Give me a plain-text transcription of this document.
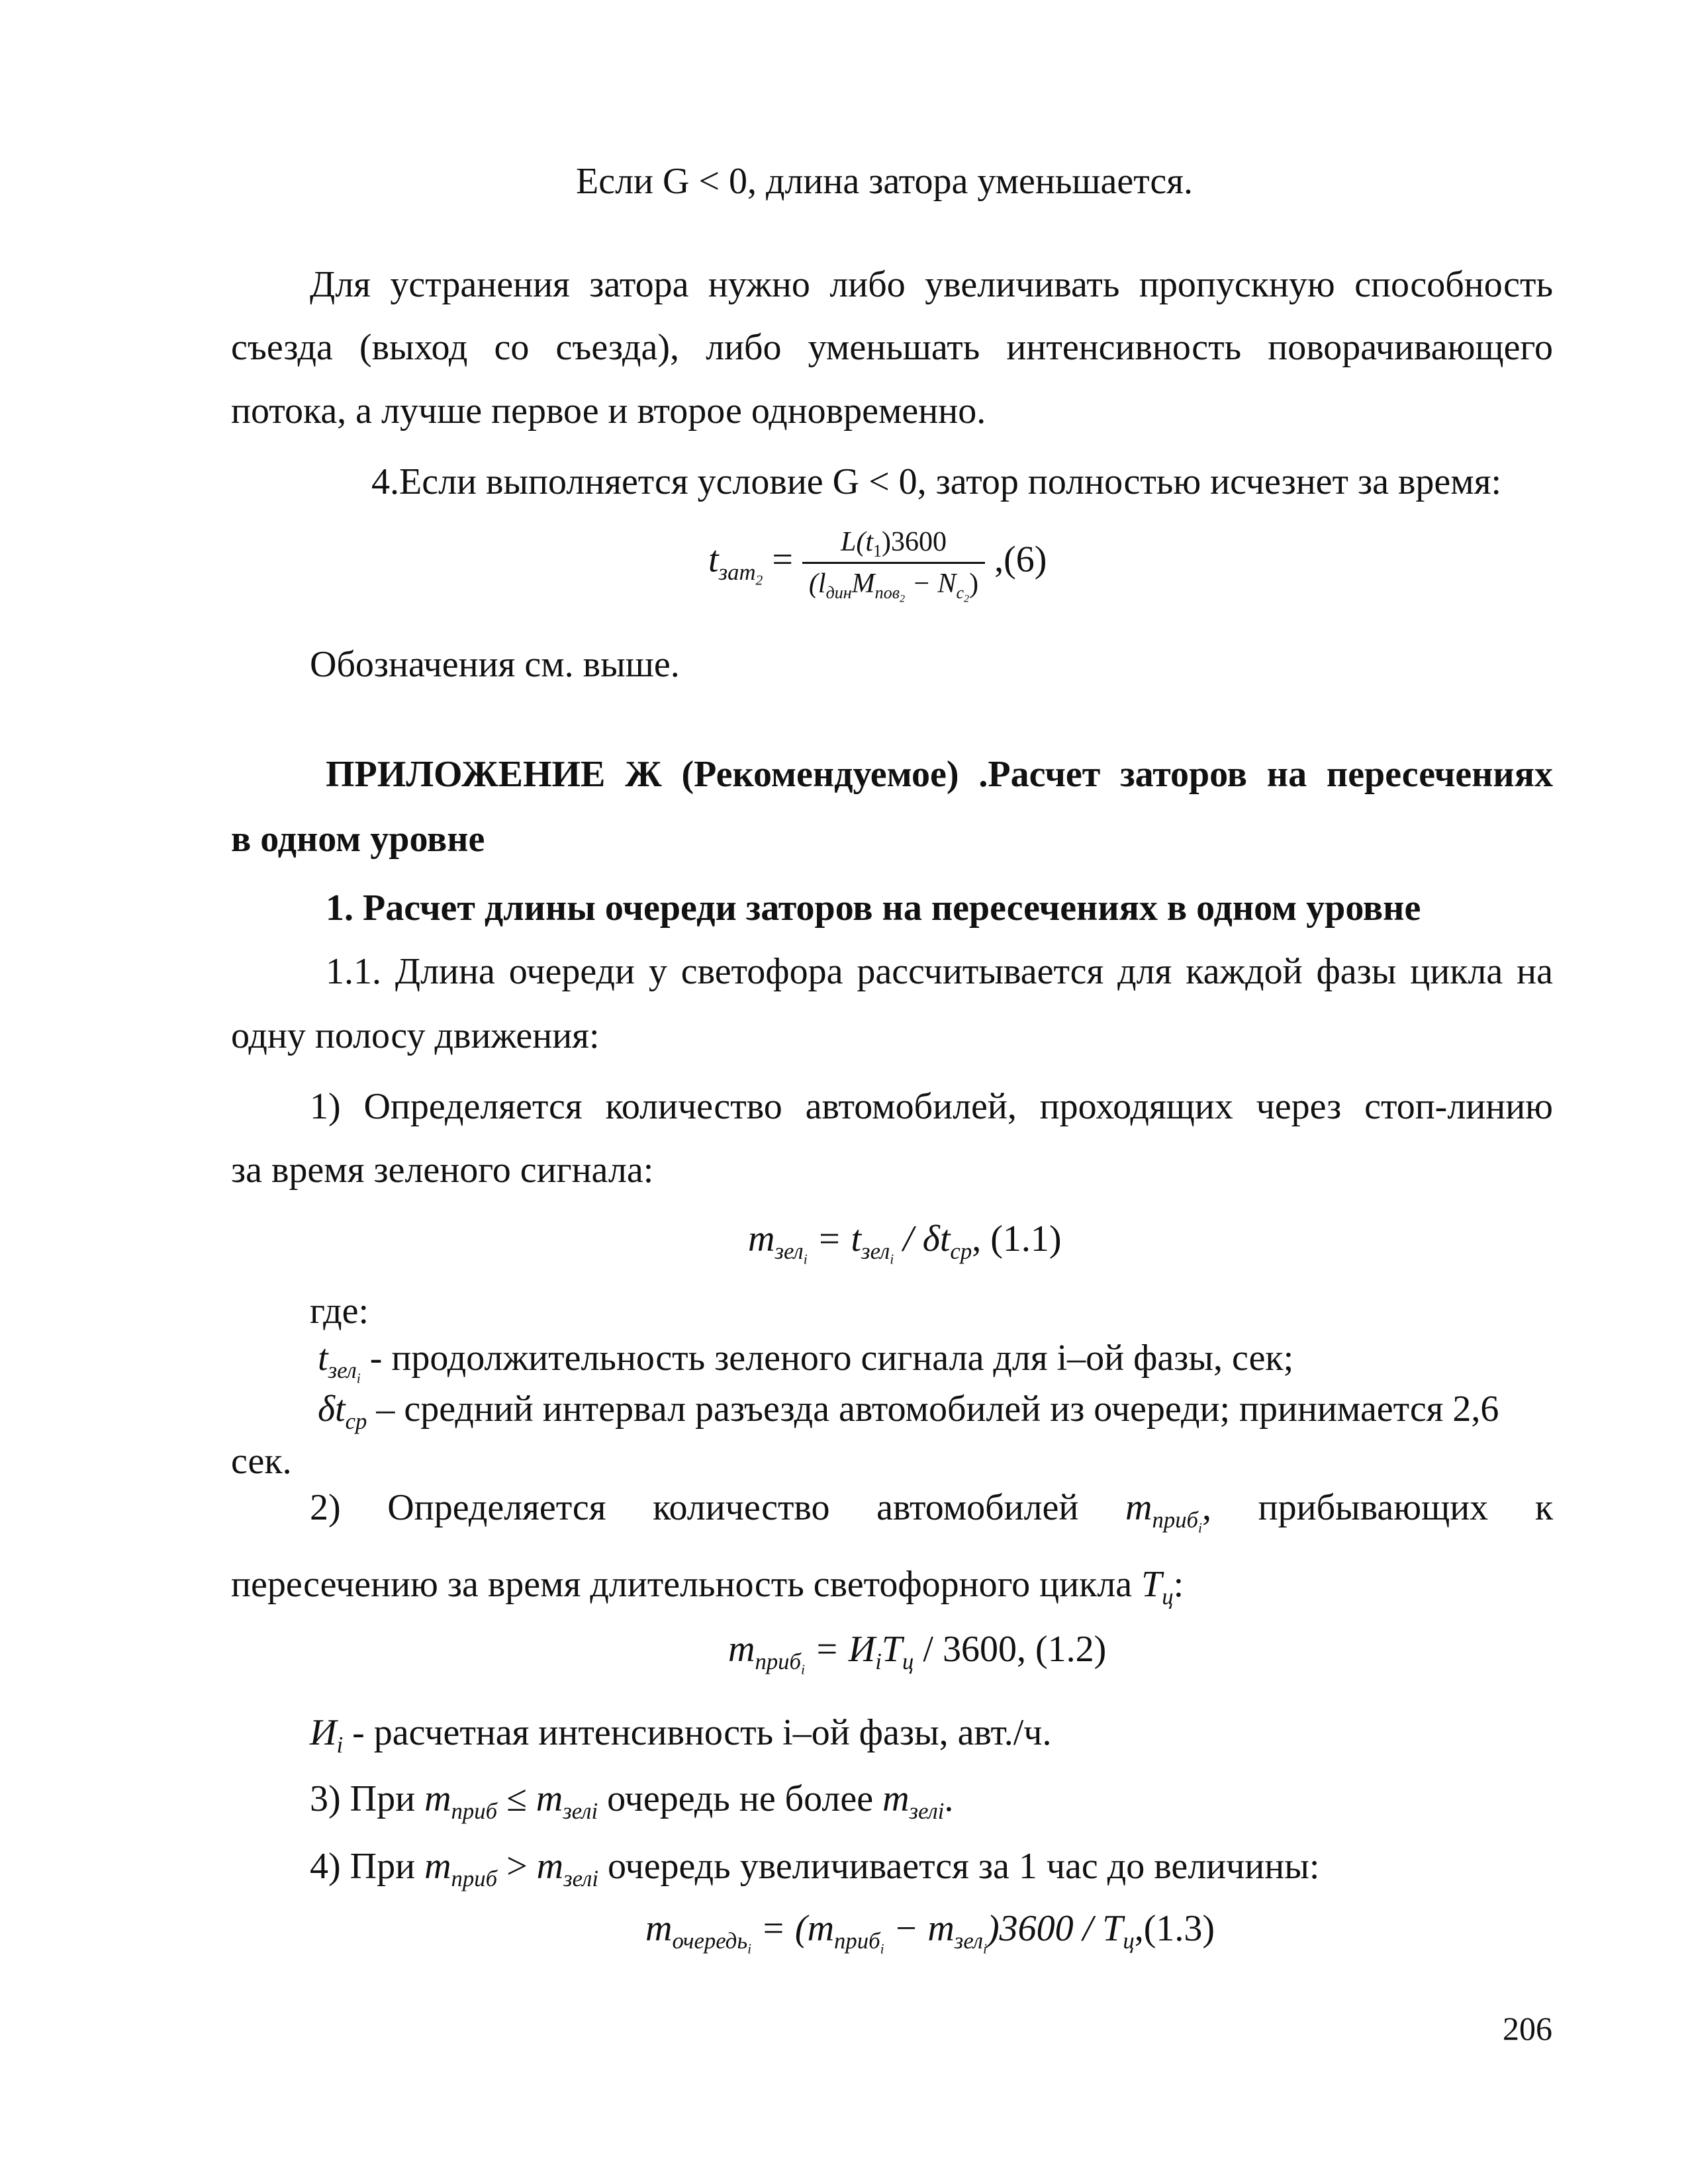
Если G < 0, длина затора уменьшается.
Для устранения затора нужно либо увеличивать пропускную способность
съезда (выход со съезда), либо уменьшать интенсивность поворачивающего
потока, а лучше первое и второе одновременно.
4.Если выполняется условие G < 0, затор полностью исчезнет за время:
$t_{зат_2} = \frac{L(t_1)3600}{(l_{дин}M_{пов_2} - N_{c_2})} ,(6)$
Обозначения см. выше.
ПРИЛОЖЕНИЕ Ж (Рекомендуемое) .Расчет заторов на пересечениях
в одном уровне
1. Расчет длины очереди заторов на пересечениях в одном уровне
1.1. Длина очереди у светофора рассчитывается для каждой фазы цикла на
одну полосу движения:
1) Определяется количество автомобилей, проходящих через стоп-линию
за время зеленого сигнала:
$m_{зел_i} = t_{зел_i} / \delta t_{ср}$, (1.1)
где:
$t_{зел_i}$ - продолжительность зеленого сигнала для i–ой фазы, сек;
$\delta t_{ср}$ – средний интервал разъезда автомобилей из очереди; принимается 2,6
сек.
2) Определяется количество автомобилей $m_{приб_i}$, прибывающих к
пересечению за время длительность светофорного цикла $T_ц$:
$m_{приб_i} = И_iT_ц / 3600$, (1.2)
$И_i$ - расчетная интенсивность i–ой фазы, авт./ч.
3) При $m_{приб} \le m_{зелi}$ очередь не более $m_{зелi}$.
4) При $m_{приб} > m_{зелi}$ очередь увеличивается за 1 час до величины:
$m_{очередь_i} = (m_{приб_i} - m_{зел_i})3600 / T_ц,(1.3)$
206
